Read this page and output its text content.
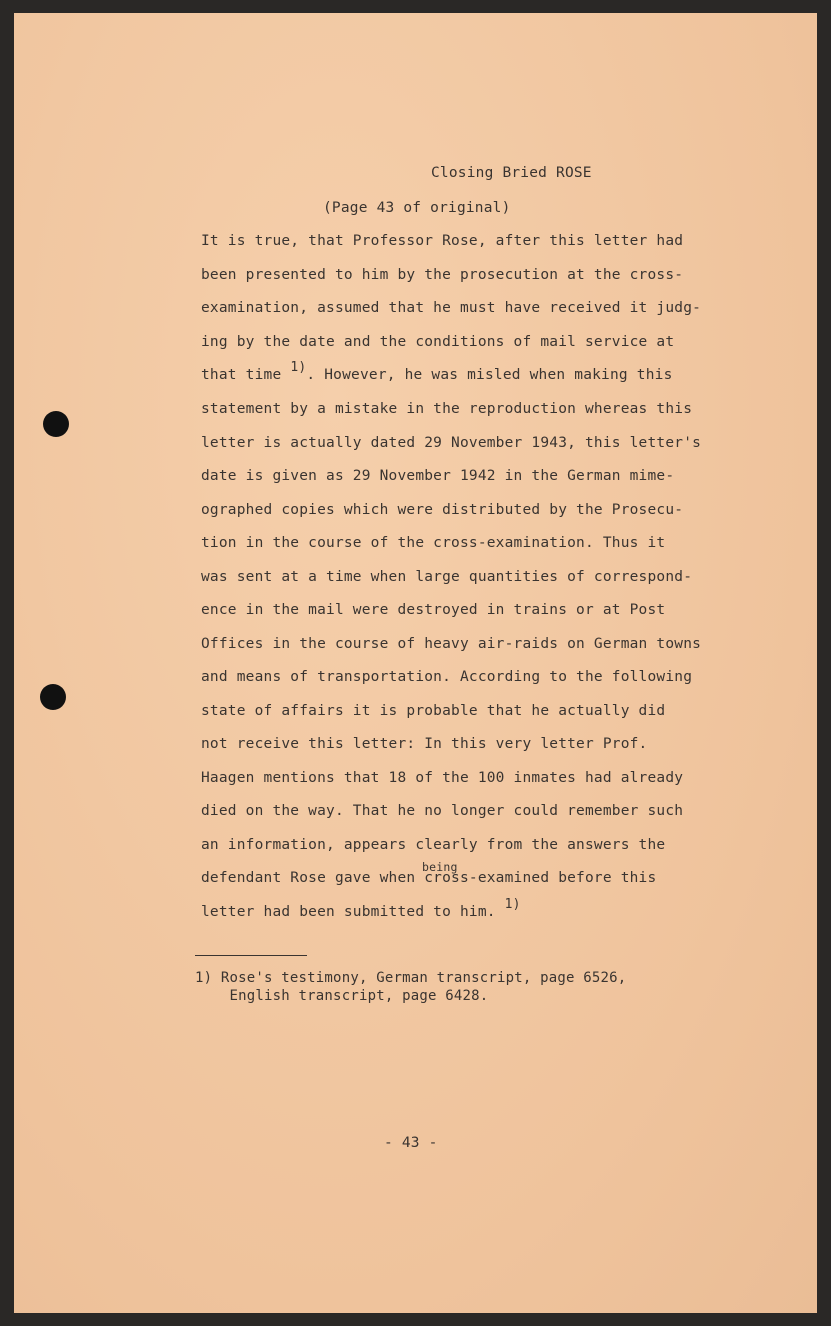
Closing Bried ROSE
(Page 43 of original)
It is true, that Professor Rose, after this letter had
been presented to him by the prosecution at the cross-
examination, assumed that he must have received it judg-
ing by the date and the conditions of mail service at
that time 1). However, he was misled when making this
statement by a mistake in the reproduction whereas this
letter is actually dated 29 November 1943, this letter's
date is given as 29 November 1942 in the German mime-
ographed copies which were distributed by the Prosecu-
tion in the course of the cross-examination. Thus it
was sent at a time when large quantities of correspond-
ence in the mail were destroyed in trains or at Post
Offices in the course of heavy air-raids on German towns
and means of transportation. According to the following
state of affairs it is probable that he actually did
not receive this letter: In this very letter Prof.
Haagen mentions that 18 of the 100 inmates had already
died on the way. That he no longer could remember such
an information, appears clearly from the answers the
being
defendant Rose gave when cross-examined before this
letter had been submitted to him. 1)
1) Rose's testimony, German transcript, page 6526,
English transcript, page 6428.
- 43 -
